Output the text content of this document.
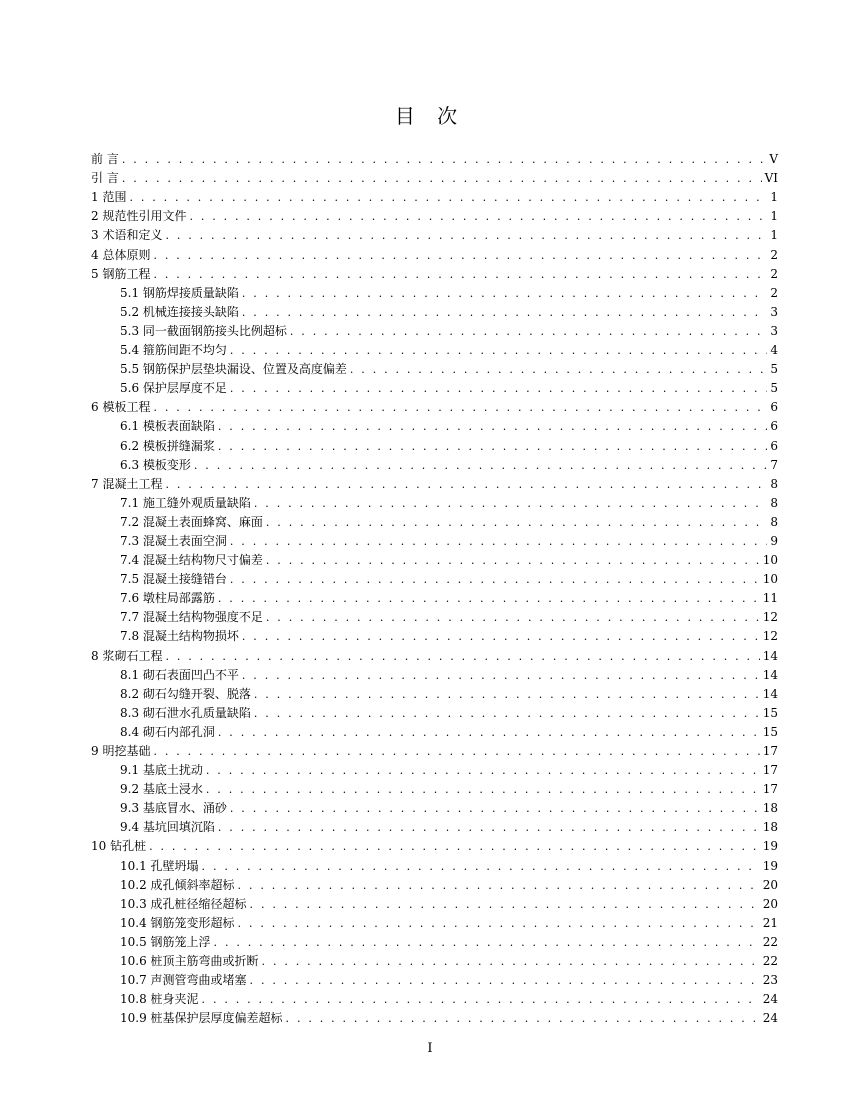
目 次
前 言 . . .	V
引 言 . . .	VI
1 范围 . . .	1
2 规范性引用文件 . . .	1
3 术语和定义 . . .	1
4 总体原则 . . .	2
5 钢筋工程 . . .	2
5.1 钢筋焊接质量缺陷 . . .	2
5.2 机械连接接头缺陷 . . .	3
5.3 同一截面钢筋接头比例超标 . . .	3
5.4 箍筋间距不均匀 . . .	4
5.5 钢筋保护层垫块漏设、位置及高度偏差 . . .	5
5.6 保护层厚度不足 . . .	5
6 模板工程 . . .	6
6.1 模板表面缺陷 . . .	6
6.2 模板拼缝漏浆 . . .	6
6.3 模板变形 . . .	7
7 混凝土工程 . . .	8
7.1 施工缝外观质量缺陷 . . .	8
7.2 混凝土表面蜂窝、麻面 . . .	8
7.3 混凝土表面空洞 . . .	9
7.4 混凝土结构物尺寸偏差 . . .	10
7.5 混凝土接缝错台 . . .	10
7.6 墩柱局部露筋 . . .	11
7.7 混凝土结构物强度不足 . . .	12
7.8 混凝土结构物损坏 . . .	12
8 浆砌石工程 . . .	14
8.1 砌石表面凹凸不平 . . .	14
8.2 砌石勾缝开裂、脱落 . . .	14
8.3 砌石泄水孔质量缺陷 . . .	15
8.4 砌石内部孔洞 . . .	15
9 明挖基础 . . .	17
9.1 基底土扰动 . . .	17
9.2 基底土浸水 . . .	17
9.3 基底冒水、涌砂 . . .	18
9.4 基坑回填沉陷 . . .	18
10 钻孔桩 . . .	19
10.1 孔壁坍塌 . . .	19
10.2 成孔倾斜率超标 . . .	20
10.3 成孔桩径缩径超标 . . .	20
10.4 钢筋笼变形超标 . . .	21
10.5 钢筋笼上浮 . . .	22
10.6 桩顶主筋弯曲或折断 . . .	22
10.7 声测管弯曲或堵塞 . . .	23
10.8 桩身夹泥 . . .	24
10.9 桩基保护层厚度偏差超标 . . .	24
I
